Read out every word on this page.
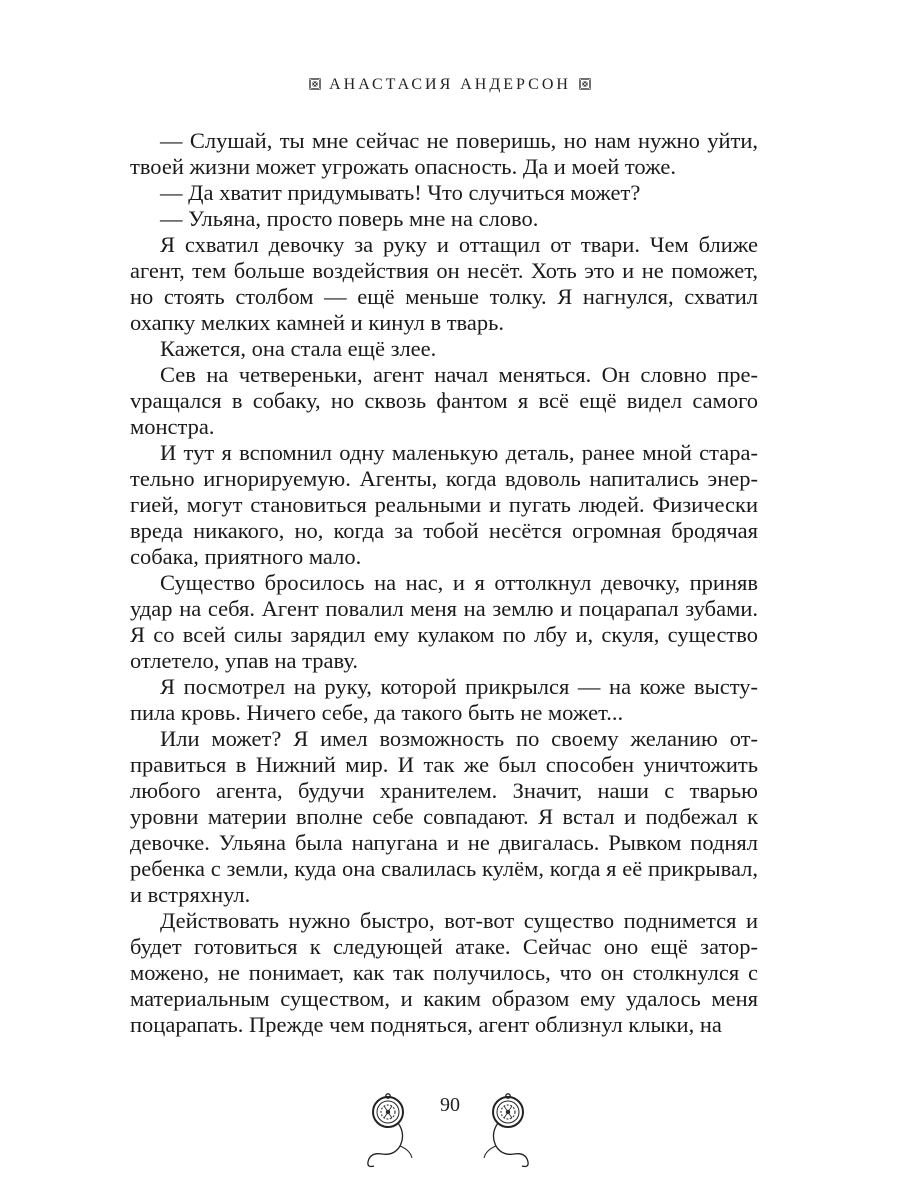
АНАСТАСИЯ АНДЕРСОН

— Слушай, ты мне сейчас не поверишь, но нам нужно уйти, твоей жизни может угрожать опасность. Да и моей тоже.

— Да хватит придумывать! Что случиться может?

— Ульяна, просто поверь мне на слово.

Я схватил девочку за руку и оттащил от твари. Чем ближе агент, тем больше воздействия он несёт. Хоть это и не поможет, но стоять столбом — ещё меньше толку. Я нагнулся, схватил охапку мелких камней и кинул в тварь.

Кажется, она стала ещё злее.

Сев на четвереньки, агент начал меняться. Он словно преvращался в собаку, но сквозь фантом я всё ещё видел самого монстра.

И тут я вспомнил одну маленькую деталь, ранее мной старательно игнорируемую. Агенты, когда вдоволь напитались энергией, могут становиться реальными и пугать людей. Физически вреда никакого, но, когда за тобой несётся огромная бродячая собака, приятного мало.

Существо бросилось на нас, и я оттолкнул девочку, приняв удар на себя. Агент повалил меня на землю и поцарапал зубами. Я со всей силы зарядил ему кулаком по лбу и, скуля, существо отлетело, упав на траву.

Я посмотрел на руку, которой прикрылся — на коже выступила кровь. Ничего себе, да такого быть не может...

Или может? Я имел возможность по своему желанию отправиться в Нижний мир. И так же был способен уничтожить любого агента, будучи хранителем. Значит, наши с тварью уровни материи вполне себе совпадают. Я встал и подбежал к девочке. Ульяна была напугана и не двигалась. Рывком поднял ребенка с земли, куда она свалилась кулём, когда я её прикрывал, и встряхнул.

Действовать нужно быстро, вот-вот существо поднимется и будет готовиться к следующей атаке. Сейчас оно ещё заторможено, не понимает, как так получилось, что он столкнулся с материальным существом, и каким образом ему удалось меня поцарапать. Прежде чем подняться, агент облизнул клыки, на

90
